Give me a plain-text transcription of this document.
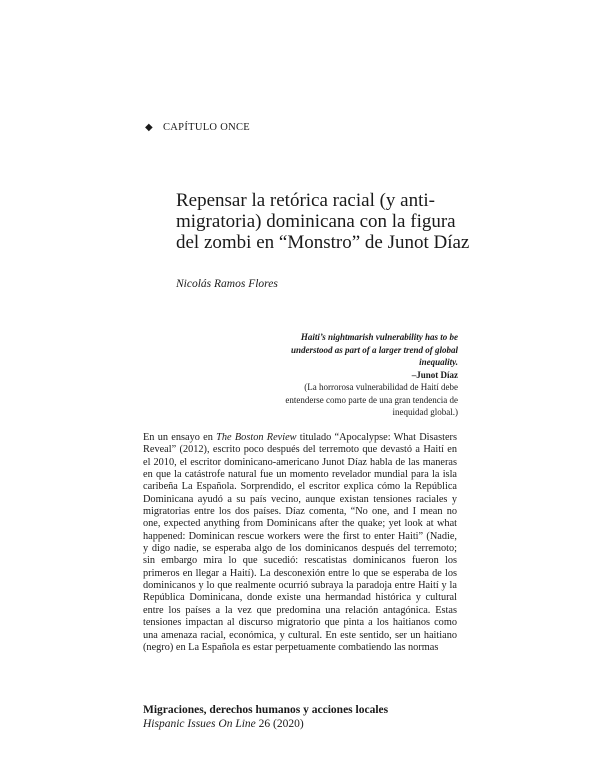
◆ CAPÍTULO ONCE
Repensar la retórica racial (y anti-
migratoria) dominicana con la figura
del zombi en “Monstro” de Junot Díaz
Nicolás Ramos Flores
Haiti’s nightmarish vulnerability has to be understood as part of a larger trend of global inequality.
–Junot Díaz
(La horrorosa vulnerabilidad de Haití debe entenderse como parte de una gran tendencia de inequidad global.)

En un ensayo en The Boston Review titulado “Apocalypse: What Disasters Reveal” (2012), escrito poco después del terremoto que devastó a Haití en el 2010, el escritor dominicano-americano Junot Díaz habla de las maneras en que la catástrofe natural fue un momento revelador mundial para la isla caribeña La Española. Sorprendido, el escritor explica cómo la República Dominicana ayudó a su país vecino, aunque existan tensiones raciales y migratorias entre los dos países. Díaz comenta, “No one, and I mean no one, expected anything from Dominicans after the quake; yet look at what happened: Dominican rescue workers were the first to enter Haiti” (Nadie, y digo nadie, se esperaba algo de los dominicanos después del terremoto; sin embargo mira lo que sucedió: rescatistas dominicanos fueron los primeros en llegar a Haití). La desconexión entre lo que se esperaba de los dominicanos y lo que realmente ocurrió subraya la paradoja entre Haití y la República Dominicana, donde existe una hermandad histórica y cultural entre los países a la vez que predomina una relación antagónica. Estas tensiones impactan al discurso migratorio que pinta a los haitianos como una amenaza racial, económica, y cultural. En este sentido, ser un haitiano (negro) en La Española es estar perpetuamente combatiendo las normas

Migraciones, derechos humanos y acciones locales
Hispanic Issues On Line 26 (2020)
